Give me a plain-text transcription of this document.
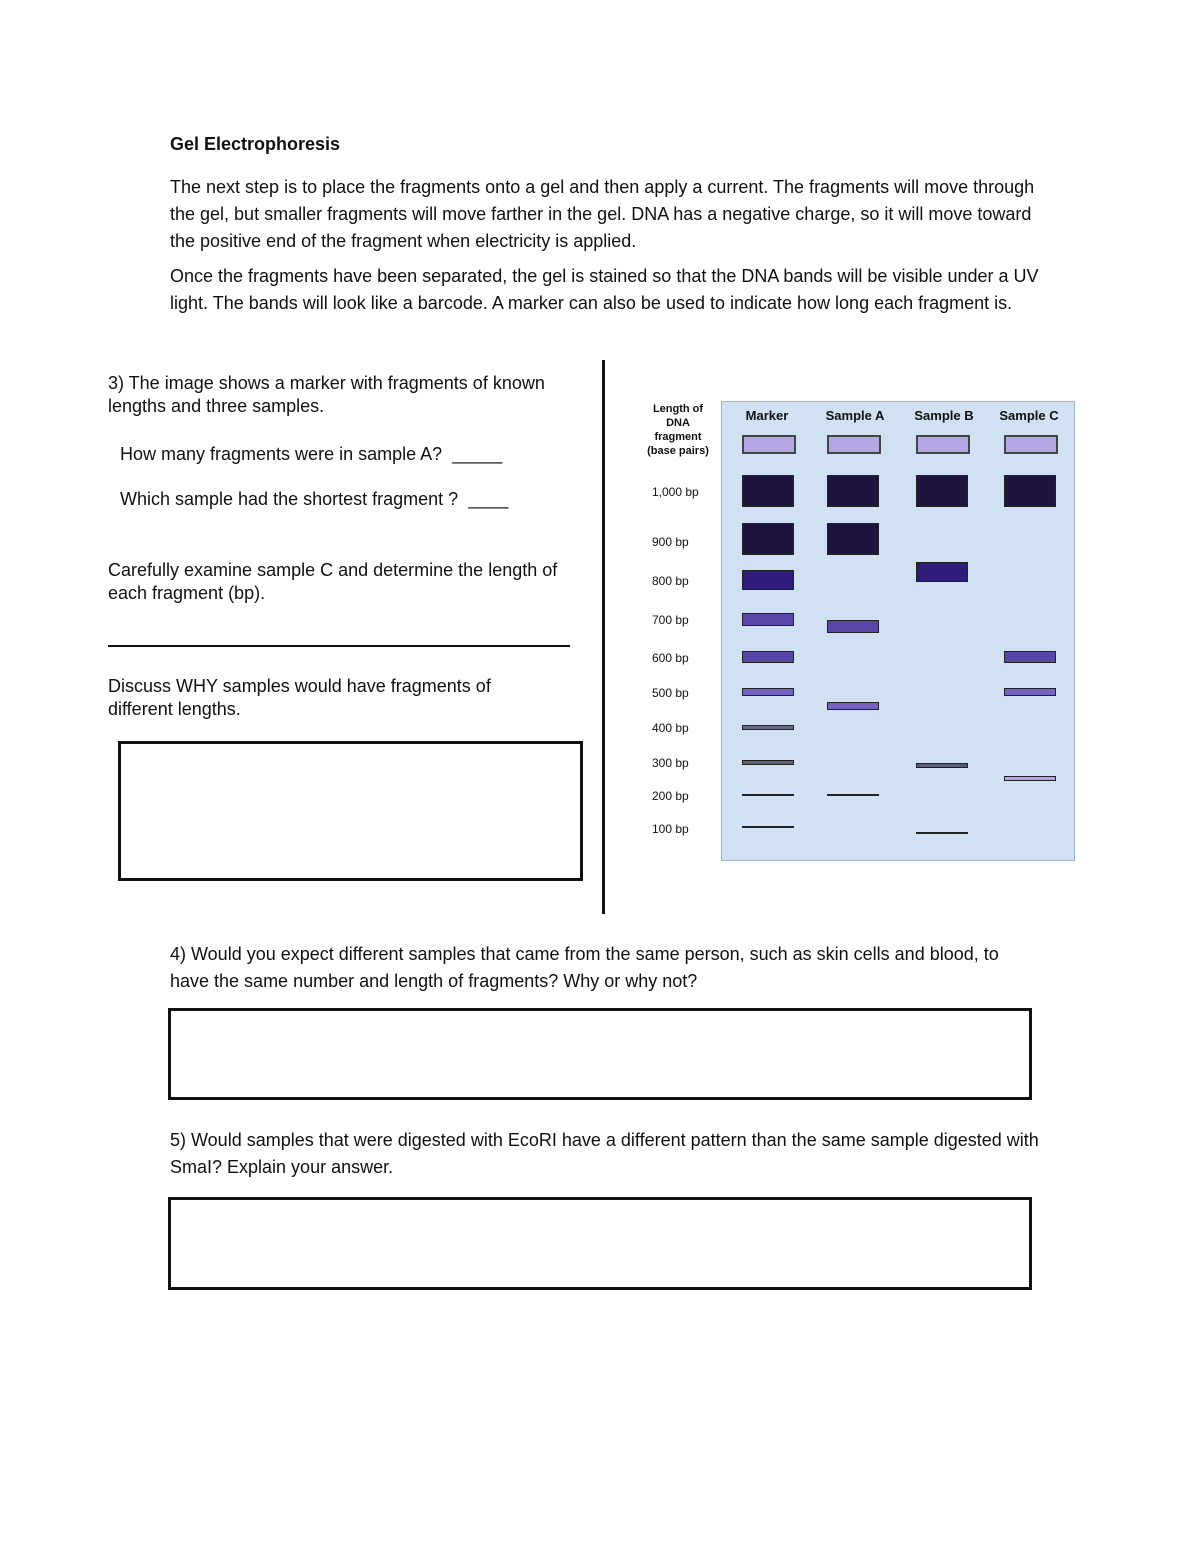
Gel Electrophoresis
The next step is to place the fragments onto a gel and then apply a current. The fragments will move through the gel, but smaller fragments will move farther in the gel. DNA has a negative charge, so it will move toward the positive end of the fragment when electricity is applied.
Once the fragments have been separated, the gel is stained so that the DNA bands will be visible under a UV light. The bands will look like a barcode. A marker can also be used to indicate how long each fragment is.
3) The image shows a marker with fragments of known lengths and three samples.
How many fragments were in sample A?  _____
Which sample had the shortest fragment ?  ____
Carefully examine sample C and determine the length of each fragment (bp).
Discuss WHY samples would have fragments of different lengths.
Length of
DNA
fragment
(base pairs)
Marker	Sample A	Sample B	Sample C
1,000 bp
900 bp
800 bp
700 bp
600 bp
500 bp
400 bp
300 bp
200 bp
100 bp
4) Would you expect different samples that came from the same person, such as skin cells and blood, to have the same number and length of fragments? Why or why not?
5) Would samples that were digested with EcoRI have a different pattern than the same sample digested with SmaI? Explain your answer.
